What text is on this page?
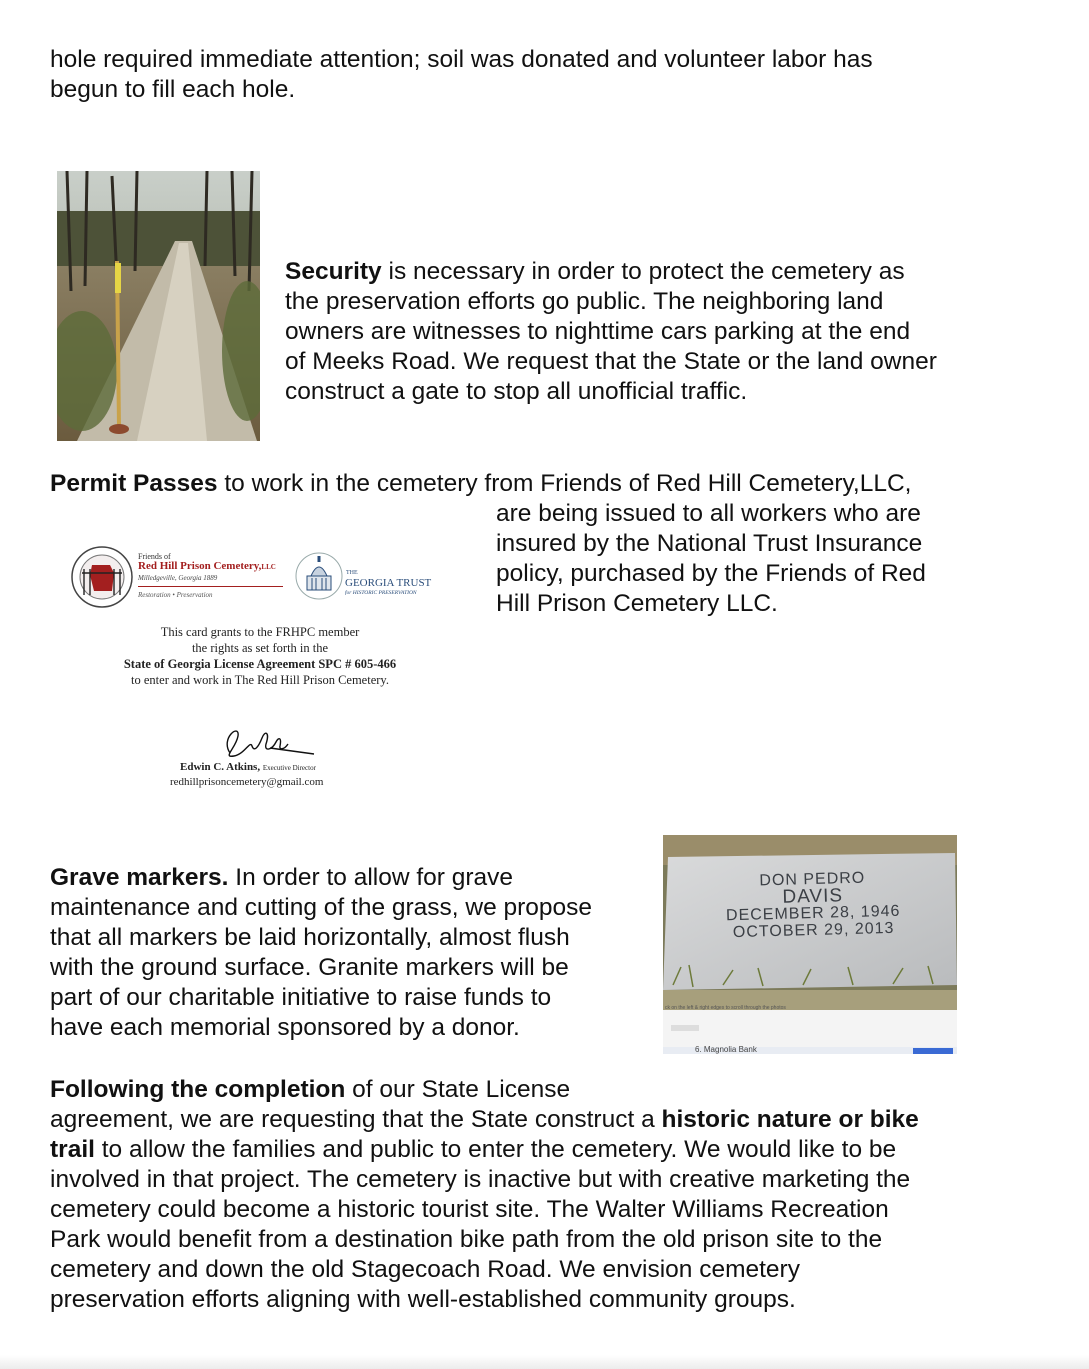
hole required immediate attention; soil was donated and volunteer labor has
begun to fill each hole.

Security is necessary in order to protect the cemetery as
the preservation efforts go public. The neighboring land
owners are witnesses to nighttime cars parking at the end
of Meeks Road. We request that the State or the land owner
construct a gate to stop all unofficial traffic.

Permit Passes to work in the cemetery from Friends of Red Hill Cemetery,LLC,

are being issued to all workers who are
insured by the National Trust Insurance
policy, purchased by the Friends of Red
Hill Prison Cemetery LLC.

Friends of
Red Hill Prison Cemetery,LLC
Milledgeville, Georgia 1889
Restoration • Preservation
THE
GEORGIA TRUST
for HISTORIC PRESERVATION
This card grants to the FRHPC member
the rights as set forth in the
State of Georgia License Agreement SPC # 605-466
to enter and work in The Red Hill Prison Cemetery.
Edwin C. Atkins, Executive Director
redhillprisoncemetery@gmail.com

Grave markers. In order to allow for grave
maintenance and cutting of the grass, we propose
that all markers be laid horizontally, almost flush
with the ground surface. Granite markers will be
part of our charitable initiative to raise funds to
have each memorial sponsored by a donor.

DON PEDRO
DAVIS
DECEMBER 28, 1946
OCTOBER 29, 2013
ck on the left & right edges to scroll through the photos
6. Magnolia Bank

Following the completion of our State License
agreement, we are requesting that the State construct a historic nature or bike
trail to allow the families and public to enter the cemetery. We would like to be
involved in that project. The cemetery is inactive but with creative marketing the
cemetery could become a historic tourist site. The Walter Williams Recreation
Park would benefit from a destination bike path from the old prison site to the
cemetery and down the old Stagecoach Road. We envision cemetery
preservation efforts aligning with well-established community groups.
